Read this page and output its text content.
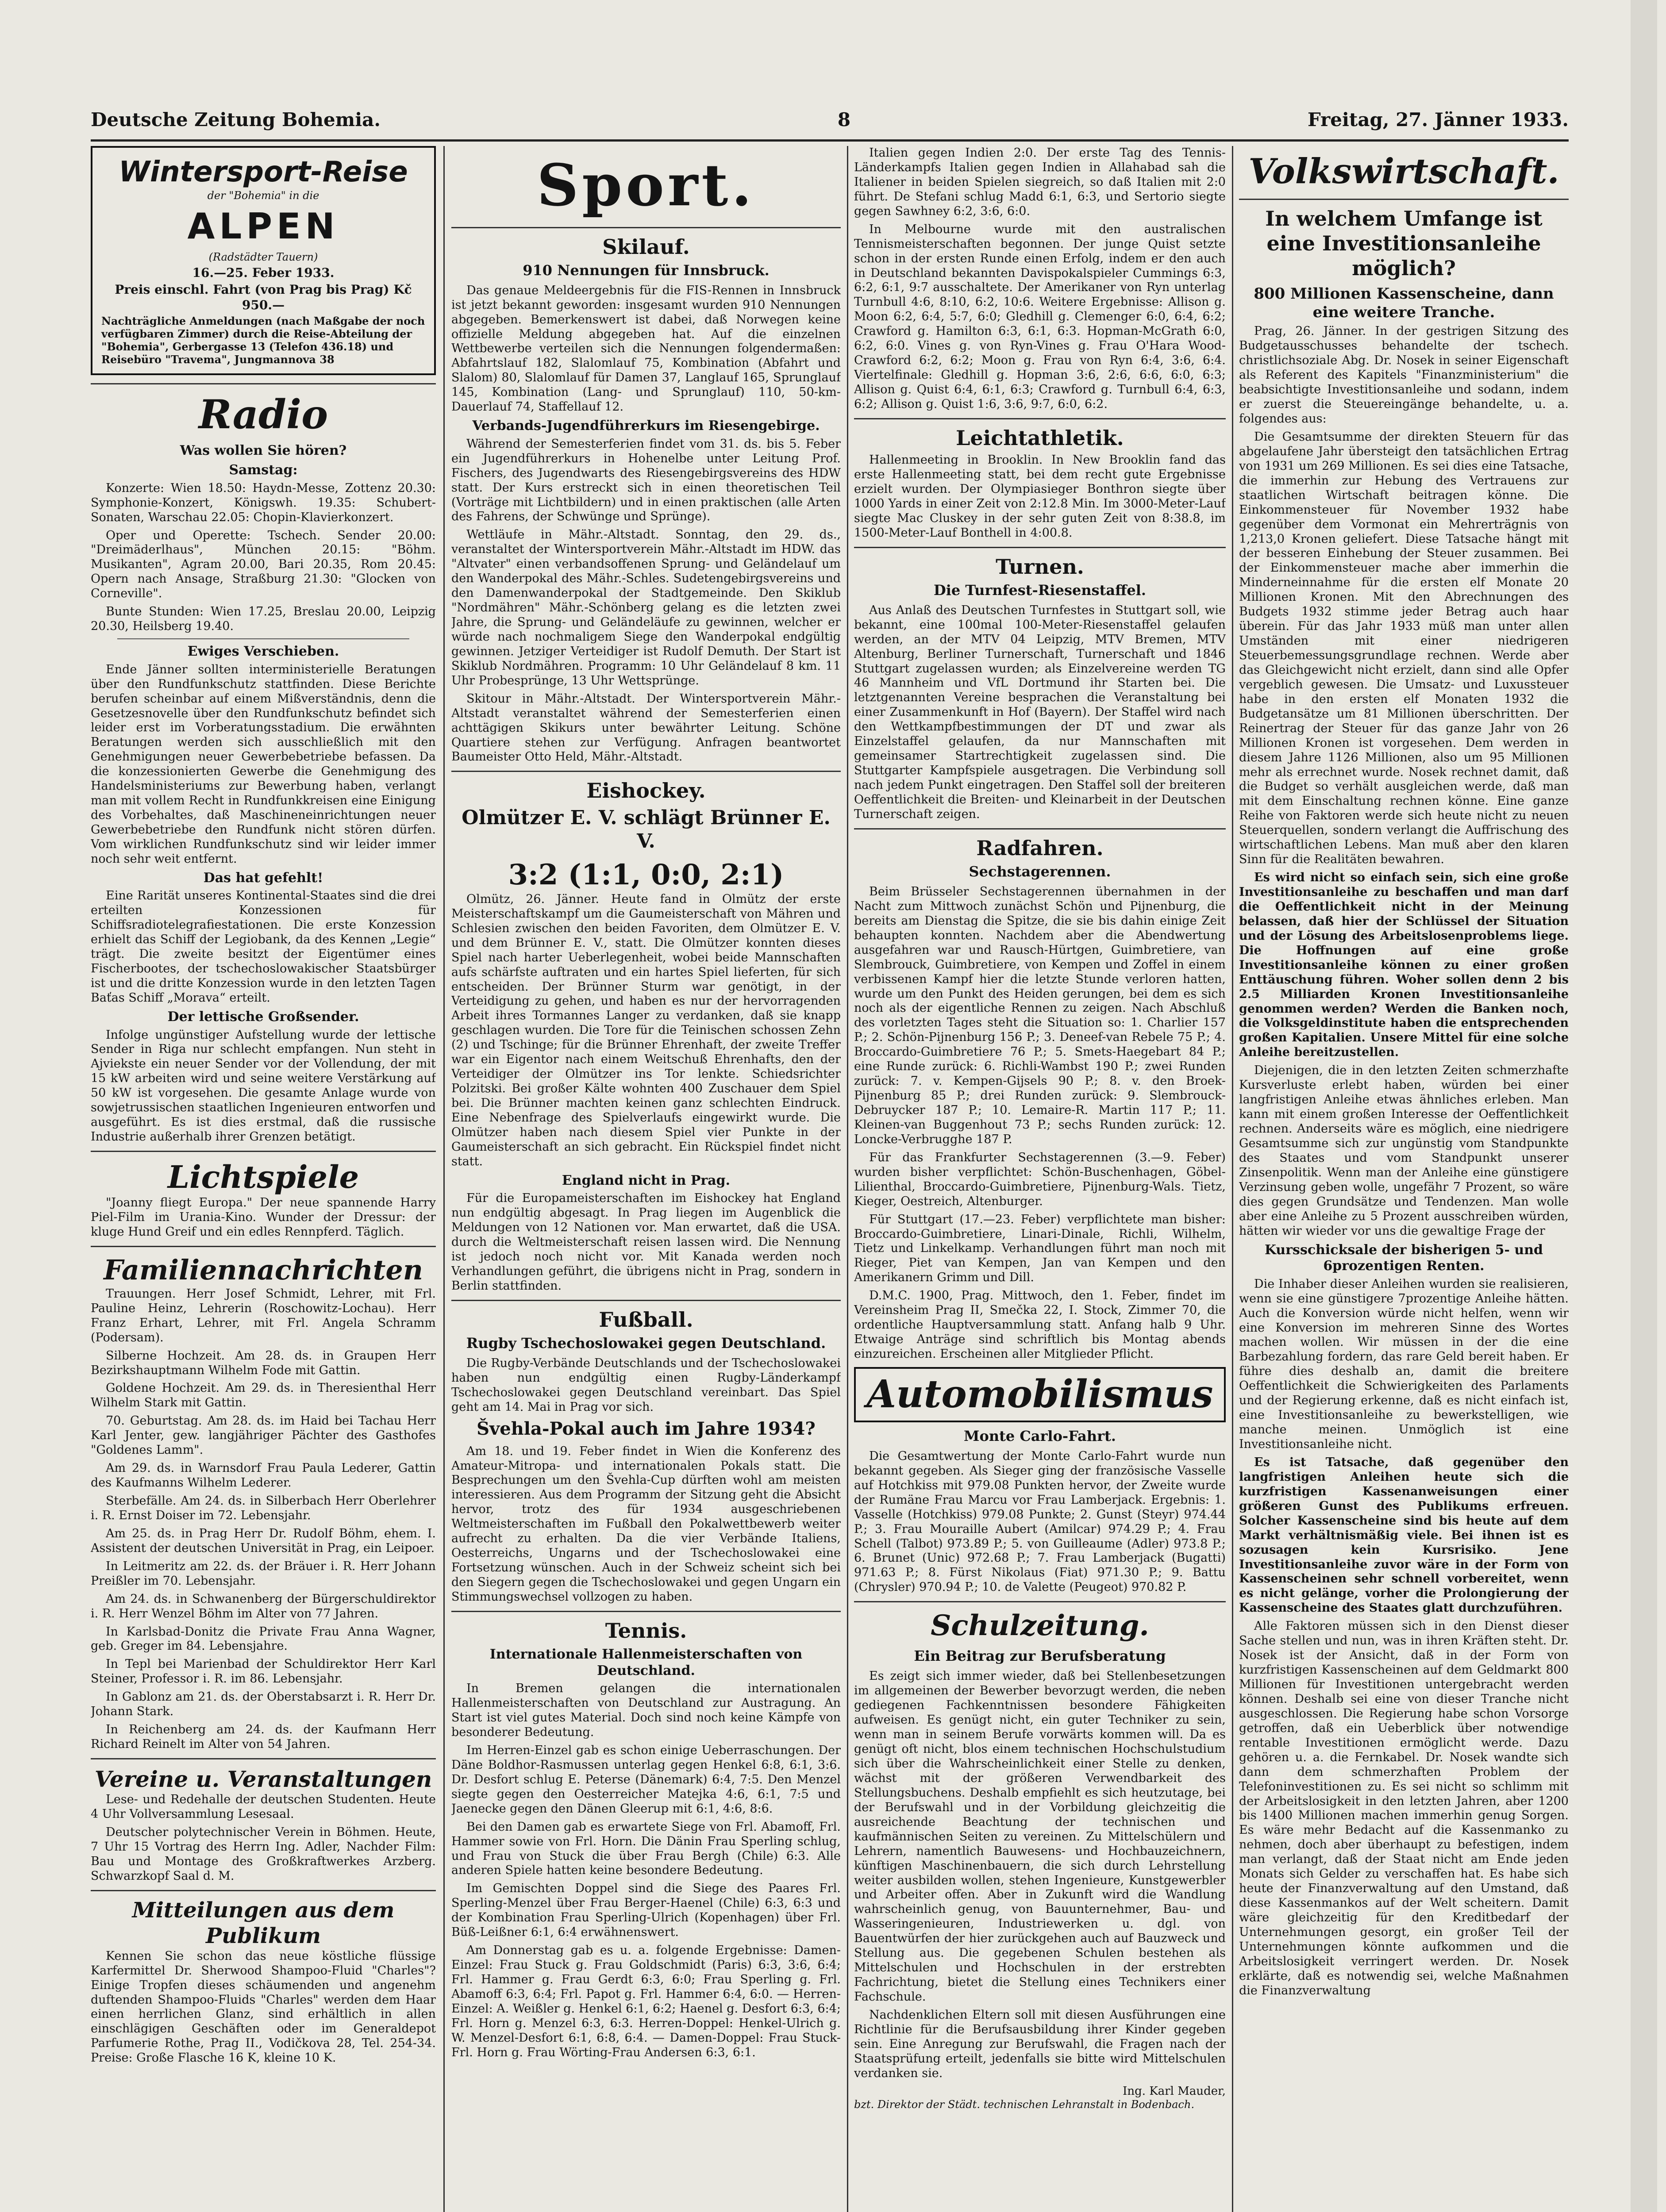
Deutsche Zeitung Bohemia.	8	Freitag, 27. Jänner 1933.
Wintersport-Reise
der "Bohemia" in die
ALPEN
(Radstädter Tauern)
16.—25. Feber 1933.
Preis einschl. Fahrt (von Prag bis Prag) Kč 950.—
Nachträgliche Anmeldungen (nach Maßgabe der noch verfügbaren Zimmer) durch die Reise-Abteilung der "Bohemia", Gerbergasse 13 (Telefon 436.18) und Reisebüro "Travema", Jungmannova 38
Radio
Was wollen Sie hören?
Samstag:

Konzerte: Wien 18.50: Haydn-Messe, Zottenz 20.30: Symphonie-Konzert, Königswh. 19.35: Schubert-Sonaten, Warschau 22.05: Chopin-Klavierkonzert.

Oper und Operette: Tschech. Sender 20.00: "Dreimäderlhaus", München 20.15: "Böhm. Musikanten", Agram 20.00, Bari 20.35, Rom 20.45: Opern nach Ansage, Straßburg 21.30: "Glocken von Corneville".

Bunte Stunden: Wien 17.25, Breslau 20.00, Leipzig 20.30, Heilsberg 19.40.

Ewiges Verschieben.

Ende Jänner sollten interministerielle Beratungen über den Rundfunkschutz stattfinden. Diese Berichte berufen scheinbar auf einem Mißverständnis, denn die Gesetzesnovelle über den Rundfunkschutz befindet sich leider erst im Vorberatungsstadium. Die erwähnten Beratungen werden sich ausschließlich mit den Genehmigungen neuer Gewerbebetriebe befassen. Da die konzessionierten Gewerbe die Genehmigung des Handelsministeriums zur Bewerbung haben, verlangt man mit vollem Recht in Rundfunkkreisen eine Einigung des Vorbehaltes, daß Maschineneinrichtungen neuer Gewerbebetriebe den Rundfunk nicht stören dürfen. Vom wirklichen Rundfunkschutz sind wir leider immer noch sehr weit entfernt.

Das hat gefehlt!

Eine Rarität unseres Kontinental-Staates sind die drei erteilten Konzessionen für Schiffsradiotelegrafiestationen. Die erste Konzession erhielt das Schiff der Legiobank, da des Kennen „Legie“ trägt. Die zweite besitzt der Eigentümer eines Fischerbootes, der tschechoslowakischer Staatsbürger ist und die dritte Konzession wurde in den letzten Tagen Baťas Schiff „Morava“ erteilt.

Der lettische Großsender.

Infolge ungünstiger Aufstellung wurde der lettische Sender in Riga nur schlecht empfangen. Nun steht in Ajviekste ein neuer Sender vor der Vollendung, der mit 15 kW arbeiten wird und seine weitere Verstärkung auf 50 kW ist vorgesehen. Die gesamte Anlage wurde von sowjetrussischen staatlichen Ingenieuren entworfen und ausgeführt. Es ist dies erstmal, daß die russische Industrie außerhalb ihrer Grenzen betätigt.

Lichtspiele

"Joanny fliegt Europa." Der neue spannende Harry Piel-Film im Urania-Kino. Wunder der Dressur: der kluge Hund Greif und ein edles Rennpferd. Täglich.

Familiennachrichten

Trauungen. Herr Josef Schmidt, Lehrer, mit Frl. Pauline Heinz, Lehrerin (Roschowitz-Lochau). Herr Franz Erhart, Lehrer, mit Frl. Angela Schramm (Podersam).

Silberne Hochzeit. Am 28. ds. in Graupen Herr Bezirkshauptmann Wilhelm Fode mit Gattin.

Goldene Hochzeit. Am 29. ds. in Theresienthal Herr Wilhelm Stark mit Gattin.

70. Geburtstag. Am 28. ds. im Haid bei Tachau Herr Karl Jenter, gew. langjähriger Pächter des Gasthofes "Goldenes Lamm".

Am 29. ds. in Warnsdorf Frau Paula Lederer, Gattin des Kaufmanns Wilhelm Lederer.

Sterbefälle. Am 24. ds. in Silberbach Herr Oberlehrer i. R. Ernst Doiser im 72. Lebensjahr.

Am 25. ds. in Prag Herr Dr. Rudolf Böhm, ehem. I. Assistent der deutschen Universität in Prag, ein Leipoer.

In Leitmeritz am 22. ds. der Bräuer i. R. Herr Johann Preißler im 70. Lebensjahr.

Am 24. ds. in Schwanenberg der Bürgerschuldirektor i. R. Herr Wenzel Böhm im Alter von 77 Jahren.

In Karlsbad-Donitz die Private Frau Anna Wagner, geb. Greger im 84. Lebensjahre.

In Tepl bei Marienbad der Schuldirektor Herr Karl Steiner, Professor i. R. im 86. Lebensjahr.

In Gablonz am 21. ds. der Oberstabsarzt i. R. Herr Dr. Johann Stark.

In Reichenberg am 24. ds. der Kaufmann Herr Richard Reinelt im Alter von 54 Jahren.

Vereine u. Veranstaltungen

Lese- und Redehalle der deutschen Studenten. Heute 4 Uhr Vollversammlung Lesesaal.

Deutscher polytechnischer Verein in Böhmen. Heute, 7 Uhr 15 Vortrag des Herrn Ing. Adler, Nachder Film: Bau und Montage des Großkraftwerkes Arzberg. Schwarzkopf Saal d. M.

Mitteilungen aus dem Publikum

Kennen Sie schon das neue köstliche flüssige Karfermittel Dr. Sherwood Shampoo-Fluid "Charles"? Einige Tropfen dieses schäumenden und angenehm duftenden Shampoo-Fluids "Charles" werden dem Haar einen herrlichen Glanz, sind erhältlich in allen einschlägigen Geschäften oder im Generaldepot Parfumerie Rothe, Prag II., Vodičkova 28, Tel. 254-34. Preise: Große Flasche 16 K, kleine 10 K.

Sport.
Skilauf.
910 Nennungen für Innsbruck.

Das genaue Meldeergebnis für die FIS-Rennen in Innsbruck ist jetzt bekannt geworden: insgesamt wurden 910 Nennungen abgegeben. Bemerkenswert ist dabei, daß Norwegen keine offizielle Meldung abgegeben hat. Auf die einzelnen Wettbewerbe verteilen sich die Nennungen folgendermaßen: Abfahrtslauf 182, Slalomlauf 75, Kombination (Abfahrt und Slalom) 80, Slalomlauf für Damen 37, Langlauf 165, Sprunglauf 145, Kombination (Lang- und Sprunglauf) 110, 50-km-Dauerlauf 74, Staffellauf 12.

Verbands-Jugendführerkurs im Riesengebirge.

Während der Semesterferien findet vom 31. ds. bis 5. Feber ein Jugendführerkurs in Hohenelbe unter Leitung Prof. Fischers, des Jugendwarts des Riesengebirgsvereins des HDW statt. Der Kurs erstreckt sich in einen theoretischen Teil (Vorträge mit Lichtbildern) und in einen praktischen (alle Arten des Fahrens, der Schwünge und Sprünge).

Wettläufe in Mähr.-Altstadt. Sonntag, den 29. ds., veranstaltet der Wintersportverein Mähr.-Altstadt im HDW. das "Altvater" einen verbandsoffenen Sprung- und Geländelauf um den Wanderpokal des Mähr.-Schles. Sudetengebirgsvereins und den Damenwanderpokal der Stadtgemeinde. Den Skiklub "Nordmähren" Mähr.-Schönberg gelang es die letzten zwei Jahre, die Sprung- und Geländeläufe zu gewinnen, welcher er würde nach nochmaligem Siege den Wanderpokal endgültig gewinnen. Jetziger Verteidiger ist Rudolf Demuth. Der Start ist Skiklub Nordmähren. Programm: 10 Uhr Geländelauf 8 km. 11 Uhr Probesprünge, 13 Uhr Wettsprünge.

Skitour in Mähr.-Altstadt. Der Wintersportverein Mähr.-Altstadt veranstaltet während der Semesterferien einen achttägigen Skikurs unter bewährter Leitung. Schöne Quartiere stehen zur Verfügung. Anfragen beantwortet Baumeister Otto Held, Mähr.-Altstadt.

Eishockey.
Olmützer E. V. schlägt Brünner E. V.
3:2 (1:1, 0:0, 2:1)

Olmütz, 26. Jänner. Heute fand in Olmütz der erste Meisterschaftskampf um die Gaumeisterschaft von Mähren und Schlesien zwischen den beiden Favoriten, dem Olmützer E. V. und dem Brünner E. V., statt. Die Olmützer konnten dieses Spiel nach harter Ueberlegenheit, wobei beide Mannschaften aufs schärfste auftraten und ein hartes Spiel lieferten, für sich entscheiden. Der Brünner Sturm war genötigt, in der Verteidigung zu gehen, und haben es nur der hervorragenden Arbeit ihres Tormannes Langer zu verdanken, daß sie knapp geschlagen wurden. Die Tore für die Teinischen schossen Zehn (2) und Tschinge; für die Brünner Ehrenhaft, der zweite Treffer war ein Eigentor nach einem Weitschuß Ehrenhafts, den der Verteidiger der Olmützer ins Tor lenkte. Schiedsrichter Polzitski. Bei großer Kälte wohnten 400 Zuschauer dem Spiel bei. Die Brünner machten keinen ganz schlechten Eindruck. Eine Nebenfrage des Spielverlaufs eingewirkt wurde. Die Olmützer haben nach diesem Spiel vier Punkte in der Gaumeisterschaft an sich gebracht. Ein Rückspiel findet nicht statt.

England nicht in Prag.

Für die Europameisterschaften im Eishockey hat England nun endgültig abgesagt. In Prag liegen im Augenblick die Meldungen von 12 Nationen vor. Man erwartet, daß die USA. durch die Weltmeisterschaft reisen lassen wird. Die Nennung ist jedoch noch nicht vor. Mit Kanada werden noch Verhandlungen geführt, die übrigens nicht in Prag, sondern in Berlin stattfinden.

Fußball.
Rugby Tschechoslowakei gegen Deutschland.

Die Rugby-Verbände Deutschlands und der Tschechoslowakei haben nun endgültig einen Rugby-Länderkampf Tschechoslowakei gegen Deutschland vereinbart. Das Spiel geht am 14. Mai in Prag vor sich.

Švehla-Pokal auch im Jahre 1934?

Am 18. und 19. Feber findet in Wien die Konferenz des Amateur-Mitropa- und internationalen Pokals statt. Die Besprechungen um den Švehla-Cup dürften wohl am meisten interessieren. Aus dem Programm der Sitzung geht die Absicht hervor, trotz des für 1934 ausgeschriebenen Weltmeisterschaften im Fußball den Pokalwettbewerb weiter aufrecht zu erhalten. Da die vier Verbände Italiens, Oesterreichs, Ungarns und der Tschechoslowakei eine Fortsetzung wünschen. Auch in der Schweiz scheint sich bei den Siegern gegen die Tschechoslowakei und gegen Ungarn ein Stimmungswechsel vollzogen zu haben.

Tennis.
Internationale Hallenmeisterschaften von Deutschland.

In Bremen gelangen die internationalen Hallenmeisterschaften von Deutschland zur Austragung. An Start ist viel gutes Material. Doch sind noch keine Kämpfe von besonderer Bedeutung.

Im Herren-Einzel gab es schon einige Ueberraschungen. Der Däne Boldhor-Rasmussen unterlag gegen Henkel 6:8, 6:1, 3:6. Dr. Desfort schlug E. Peterse (Dänemark) 6:4, 7:5. Den Menzel siegte gegen den Oesterreicher Matejka 4:6, 6:1, 7:5 und Jaenecke gegen den Dänen Gleerup mit 6:1, 4:6, 8:6.

Bei den Damen gab es erwartete Siege von Frl. Abamoff, Frl. Hammer sowie von Frl. Horn. Die Dänin Frau Sperling schlug, und Frau von Stuck die über Frau Bergh (Chile) 6:3. Alle anderen Spiele hatten keine besondere Bedeutung.

Im Gemischten Doppel sind die Siege des Paares Frl. Sperling-Menzel über Frau Berger-Haenel (Chile) 6:3, 6:3 und der Kombination Frau Sperling-Ulrich (Kopenhagen) über Frl. Büß-Leißner 6:1, 6:4 erwähnenswert.

Am Donnerstag gab es u. a. folgende Ergebnisse: Damen-Einzel: Frau Stuck g. Frau Goldschmidt (Paris) 6:3, 3:6, 6:4; Frl. Hammer g. Frau Gerdt 6:3, 6:0; Frau Sperling g. Frl. Abamoff 6:3, 6:4; Frl. Papot g. Frl. Hammer 6:4, 6:0. — Herren-Einzel: A. Weißler g. Henkel 6:1, 6:2; Haenel g. Desfort 6:3, 6:4; Frl. Horn g. Menzel 6:3, 6:3. Herren-Doppel: Henkel-Ulrich g. W. Menzel-Desfort 6:1, 6:8, 6:4. — Damen-Doppel: Frau Stuck-Frl. Horn g. Frau Wörting-Frau Andersen 6:3, 6:1.

Italien gegen Indien 2:0. Der erste Tag des Tennis-Länderkampfs Italien gegen Indien in Allahabad sah die Italiener in beiden Spielen siegreich, so daß Italien mit 2:0 führt. De Stefani schlug Madd 6:1, 6:3, und Sertorio siegte gegen Sawhney 6:2, 3:6, 6:0.

In Melbourne wurde mit den australischen Tennismeisterschaften begonnen. Der junge Quist setzte schon in der ersten Runde einen Erfolg, indem er den auch in Deutschland bekannten Davispokalspieler Cummings 6:3, 6:2, 6:1, 9:7 ausschaltete. Der Amerikaner von Ryn unterlag Turnbull 4:6, 8:10, 6:2, 10:6. Weitere Ergebnisse: Allison g. Moon 6:2, 6:4, 5:7, 6:0; Gledhill g. Clemenger 6:0, 6:4, 6:2; Crawford g. Hamilton 6:3, 6:1, 6:3. Hopman-McGrath 6:0, 6:2, 6:0. Vines g. von Ryn-Vines g. Frau O'Hara Wood-Crawford 6:2, 6:2; Moon g. Frau von Ryn 6:4, 3:6, 6:4. Viertelfinale: Gledhill g. Hopman 3:6, 2:6, 6:6, 6:0, 6:3; Allison g. Quist 6:4, 6:1, 6:3; Crawford g. Turnbull 6:4, 6:3, 6:2; Allison g. Quist 1:6, 3:6, 9:7, 6:0, 6:2.

Leichtathletik.

Hallenmeeting in Brooklin. In New Brooklin fand das erste Hallenmeeting statt, bei dem recht gute Ergebnisse erzielt wurden. Der Olympiasieger Bonthron siegte über 1000 Yards in einer Zeit von 2:12.8 Min. Im 3000-Meter-Lauf siegte Mac Cluskey in der sehr guten Zeit von 8:38.8, im 1500-Meter-Lauf Bonthell in 4:00.8.

Turnen.
Die Turnfest-Riesenstaffel.

Aus Anlaß des Deutschen Turnfestes in Stuttgart soll, wie bekannt, eine 100mal 100-Meter-Riesenstaffel gelaufen werden, an der MTV 04 Leipzig, MTV Bremen, MTV Altenburg, Berliner Turnerschaft, Turnerschaft und 1846 Stuttgart zugelassen wurden; als Einzelvereine werden TG 46 Mannheim und VfL Dortmund ihr Starten bei. Die letztgenannten Vereine besprachen die Veranstaltung bei einer Zusammenkunft in Hof (Bayern). Der Staffel wird nach den Wettkampfbestimmungen der DT und zwar als Einzelstaffel gelaufen, da nur Mannschaften mit gemeinsamer Startrechtigkeit zugelassen sind. Die Stuttgarter Kampfspiele ausgetragen. Die Verbindung soll nach jedem Punkt eingetragen. Den Staffel soll der breiteren Oeffentlichkeit die Breiten- und Kleinarbeit in der Deutschen Turnerschaft zeigen.

Radfahren.
Sechstagerennen.

Beim Brüsseler Sechstagerennen übernahmen in der Nacht zum Mittwoch zunächst Schön und Pijnenburg, die bereits am Dienstag die Spitze, die sie bis dahin einige Zeit behaupten konnten. Nachdem aber die Abendwertung ausgefahren war und Rausch-Hürtgen, Guimbretiere, van Slembrouck, Guimbretiere, von Kempen und Zoffel in einem verbissenen Kampf hier die letzte Stunde verloren hatten, wurde um den Punkt des Heiden gerungen, bei dem es sich noch als der eigentliche Rennen zu zeigen. Nach Abschluß des vorletzten Tages steht die Situation so: 1. Charlier 157 P.; 2. Schön-Pijnenburg 156 P.; 3. Deneef-van Rebele 75 P.; 4. Broccardo-Guimbretiere 76 P.; 5. Smets-Haegebart 84 P.; eine Runde zurück: 6. Richli-Wambst 190 P.; zwei Runden zurück: 7. v. Kempen-Gijsels 90 P.; 8. v. den Broek-Pijnenburg 85 P.; drei Runden zurück: 9. Slembrouck-Debruycker 187 P.; 10. Lemaire-R. Martin 117 P.; 11. Kleinen-van Buggenhout 73 P.; sechs Runden zurück: 12. Loncke-Verbrugghe 187 P.

Für das Frankfurter Sechstagerennen (3.—9. Feber) wurden bisher verpflichtet: Schön-Buschenhagen, Göbel-Lilienthal, Broccardo-Guimbretiere, Pijnenburg-Wals. Tietz, Kieger, Oestreich, Altenburger.

Für Stuttgart (17.—23. Feber) verpflichtete man bisher: Broccardo-Guimbretiere, Linari-Dinale, Richli, Wilhelm, Tietz und Linkelkamp. Verhandlungen führt man noch mit Rieger, Piet van Kempen, Jan van Kempen und den Amerikanern Grimm und Dill.

D.M.C. 1900, Prag. Mittwoch, den 1. Feber, findet im Vereinsheim Prag II, Smečka 22, I. Stock, Zimmer 70, die ordentliche Hauptversammlung statt. Anfang halb 9 Uhr. Etwaige Anträge sind schriftlich bis Montag abends einzureichen. Erscheinen aller Mitglieder Pflicht.

Automobilismus
Monte Carlo-Fahrt.

Die Gesamtwertung der Monte Carlo-Fahrt wurde nun bekannt gegeben. Als Sieger ging der französische Vasselle auf Hotchkiss mit 979.08 Punkten hervor, der Zweite wurde der Rumäne Frau Marcu vor Frau Lamberjack. Ergebnis: 1. Vasselle (Hotchkiss) 979.08 Punkte; 2. Gunst (Steyr) 974.44 P.; 3. Frau Mouraille Aubert (Amilcar) 974.29 P.; 4. Frau Schell (Talbot) 973.89 P.; 5. von Guilleaume (Adler) 973.8 P.; 6. Brunet (Unic) 972.68 P.; 7. Frau Lamberjack (Bugatti) 971.63 P.; 8. Fürst Nikolaus (Fiat) 971.30 P.; 9. Battu (Chrysler) 970.94 P.; 10. de Valette (Peugeot) 970.82 P.

Schulzeitung.
Ein Beitrag zur Berufsberatung

Es zeigt sich immer wieder, daß bei Stellenbesetzungen im allgemeinen der Bewerber bevorzugt werden, die neben gediegenen Fachkenntnissen besondere Fähigkeiten aufweisen. Es genügt nicht, ein guter Techniker zu sein, wenn man in seinem Berufe vorwärts kommen will. Da es genügt oft nicht, blos einem technischen Hochschulstudium sich über die Wahrscheinlichkeit einer Stelle zu denken, wächst mit der größeren Verwendbarkeit des Stellungsbuchens. Deshalb empfiehlt es sich heutzutage, bei der Berufswahl und in der Vorbildung gleichzeitig die ausreichende Beachtung der technischen und kaufmännischen Seiten zu vereinen. Zu Mittelschülern und Lehrern, namentlich Bauwesens- und Hochbauzeichnern, künftigen Maschinenbauern, die sich durch Lehrstellung weiter ausbilden wollen, stehen Ingenieure, Kunstgewerbler und Arbeiter offen. Aber in Zukunft wird die Wandlung wahrscheinlich genug, von Bauunternehmer, Bau- und Wasseringenieuren, Industriewerken u. dgl. von Bauentwürfen der hier zurückgehen auch auf Bauzweck und Stellung aus. Die gegebenen Schulen bestehen als Mittelschulen und Hochschulen in der erstrebten Fachrichtung, bietet die Stellung eines Technikers einer Fachschule.

Nachdenklichen Eltern soll mit diesen Ausführungen eine Richtlinie für die Berufsausbildung ihrer Kinder gegeben sein. Eine Anregung zur Berufswahl, die Fragen nach der Staatsprüfung erteilt, jedenfalls sie bitte wird Mittelschulen verdanken sie.

Ing. Karl Mauder,
bzt. Direktor der Städt. technischen Lehranstalt in Bodenbach.
Volkswirtschaft.
In welchem Umfange ist eine Investitionsanleihe möglich?
800 Millionen Kassenscheine, dann eine weitere Tranche.

Prag, 26. Jänner. In der gestrigen Sitzung des Budgetausschusses behandelte der tschech. christlichsoziale Abg. Dr. Nosek in seiner Eigenschaft als Referent des Kapitels "Finanzministerium" die beabsichtigte Investitionsanleihe und sodann, indem er zuerst die Steuereingänge behandelte, u. a. folgendes aus:

Die Gesamtsumme der direkten Steuern für das abgelaufene Jahr übersteigt den tatsächlichen Ertrag von 1931 um 269 Millionen. Es sei dies eine Tatsache, die immerhin zur Hebung des Vertrauens zur staatlichen Wirtschaft beitragen könne. Die Einkommensteuer für November 1932 habe gegenüber dem Vormonat ein Mehrerträgnis von 1,213,0 Kronen geliefert. Diese Tatsache hängt mit der besseren Einhebung der Steuer zusammen. Bei der Einkommensteuer mache aber immerhin die Minderneinnahme für die ersten elf Monate 20 Millionen Kronen. Mit den Abrechnungen des Budgets 1932 stimme jeder Betrag auch haar überein. Für das Jahr 1933 müß man unter allen Umständen mit einer niedrigeren Steuerbemessungsgrundlage rechnen. Werde aber das Gleichgewicht nicht erzielt, dann sind alle Opfer vergeblich gewesen. Die Umsatz- und Luxussteuer habe in den ersten elf Monaten 1932 die Budgetansätze um 81 Millionen überschritten. Der Reinertrag der Steuer für das ganze Jahr von 26 Millionen Kronen ist vorgesehen. Dem werden in diesem Jahre 1126 Millionen, also um 95 Millionen mehr als errechnet wurde. Nosek rechnet damit, daß die Budget so verhält ausgleichen werde, daß man mit dem Einschaltung rechnen könne. Eine ganze Reihe von Faktoren werde sich heute nicht zu neuen Steuerquellen, sondern verlangt die Auffrischung des wirtschaftlichen Lebens. Man muß aber den klaren Sinn für die Realitäten bewahren.

Es wird nicht so einfach sein, sich eine große Investitionsanleihe zu beschaffen und man darf die Oeffentlichkeit nicht in der Meinung belassen, daß hier der Schlüssel der Situation und der Lösung des Arbeitslosenproblems liege. Die Hoffnungen auf eine große Investitionsanleihe können zu einer großen Enttäuschung führen. Woher sollen denn 2 bis 2.5 Milliarden Kronen Investitionsanleihe genommen werden? Werden die Banken noch, die Volksgeldinstitute haben die entsprechenden großen Kapitalien. Unsere Mittel für eine solche Anleihe bereitzustellen.

Diejenigen, die in den letzten Zeiten schmerzhafte Kursverluste erlebt haben, würden bei einer langfristigen Anleihe etwas ähnliches erleben. Man kann mit einem großen Interesse der Oeffentlichkeit rechnen. Anderseits wäre es möglich, eine niedrigere Gesamtsumme sich zur ungünstig vom Standpunkte des Staates und vom Standpunkt unserer Zinsenpolitik. Wenn man der Anleihe eine günstigere Verzinsung geben wolle, ungefähr 7 Prozent, so wäre dies gegen Grundsätze und Tendenzen. Man wolle aber eine Anleihe zu 5 Prozent ausschreiben würden, hätten wir wieder vor uns die gewaltige Frage der

Kursschicksale der bisherigen 5- und 6prozentigen Renten.

Die Inhaber dieser Anleihen wurden sie realisieren, wenn sie eine günstigere 7prozentige Anleihe hätten. Auch die Konversion würde nicht helfen, wenn wir eine Konversion im mehreren Sinne des Wortes machen wollen. Wir müssen in der die eine Barbezahlung fordern, das rare Geld bereit haben. Er führe dies deshalb an, damit die breitere Oeffentlichkeit die Schwierigkeiten des Parlaments und der Regierung erkenne, daß es nicht einfach ist, eine Investitionsanleihe zu bewerkstelligen, wie manche meinen. Unmöglich ist eine Investitionsanleihe nicht.

Es ist Tatsache, daß gegenüber den langfristigen Anleihen heute sich die kurzfristigen Kassenanweisungen einer größeren Gunst des Publikums erfreuen. Solcher Kassenscheine sind bis heute auf dem Markt verhältnismäßig viele. Bei ihnen ist es sozusagen kein Kursrisiko. Jene Investitionsanleihe zuvor wäre in der Form von Kassenscheinen sehr schnell vorbereitet, wenn es nicht gelänge, vorher die Prolongierung der Kassenscheine des Staates glatt durchzuführen.

Alle Faktoren müssen sich in den Dienst dieser Sache stellen und nun, was in ihren Kräften steht. Dr. Nosek ist der Ansicht, daß in der Form von kurzfristigen Kassenscheinen auf dem Geldmarkt 800 Millionen für Investitionen untergebracht werden können. Deshalb sei eine von dieser Tranche nicht ausgeschlossen. Die Regierung habe schon Vorsorge getroffen, daß ein Ueberblick über notwendige rentable Investitionen ermöglicht werde. Dazu gehören u. a. die Fernkabel. Dr. Nosek wandte sich dann dem schmerzhaften Problem der Telefoninvestitionen zu. Es sei nicht so schlimm mit der Arbeitslosigkeit in den letzten Jahren, aber 1200 bis 1400 Millionen machen immerhin genug Sorgen. Es wäre mehr Bedacht auf die Kassenmanko zu nehmen, doch aber überhaupt zu befestigen, indem man verlangt, daß der Staat nicht am Ende jeden Monats sich Gelder zu verschaffen hat. Es habe sich heute der Finanzverwaltung auf den Umstand, daß diese Kassenmankos auf der Welt scheitern. Damit wäre gleichzeitig für den Kreditbedarf der Unternehmungen gesorgt, ein großer Teil der Unternehmungen könnte aufkommen und die Arbeitslosigkeit verringert werden. Dr. Nosek erklärte, daß es notwendig sei, welche Maßnahmen die Finanzverwaltung
